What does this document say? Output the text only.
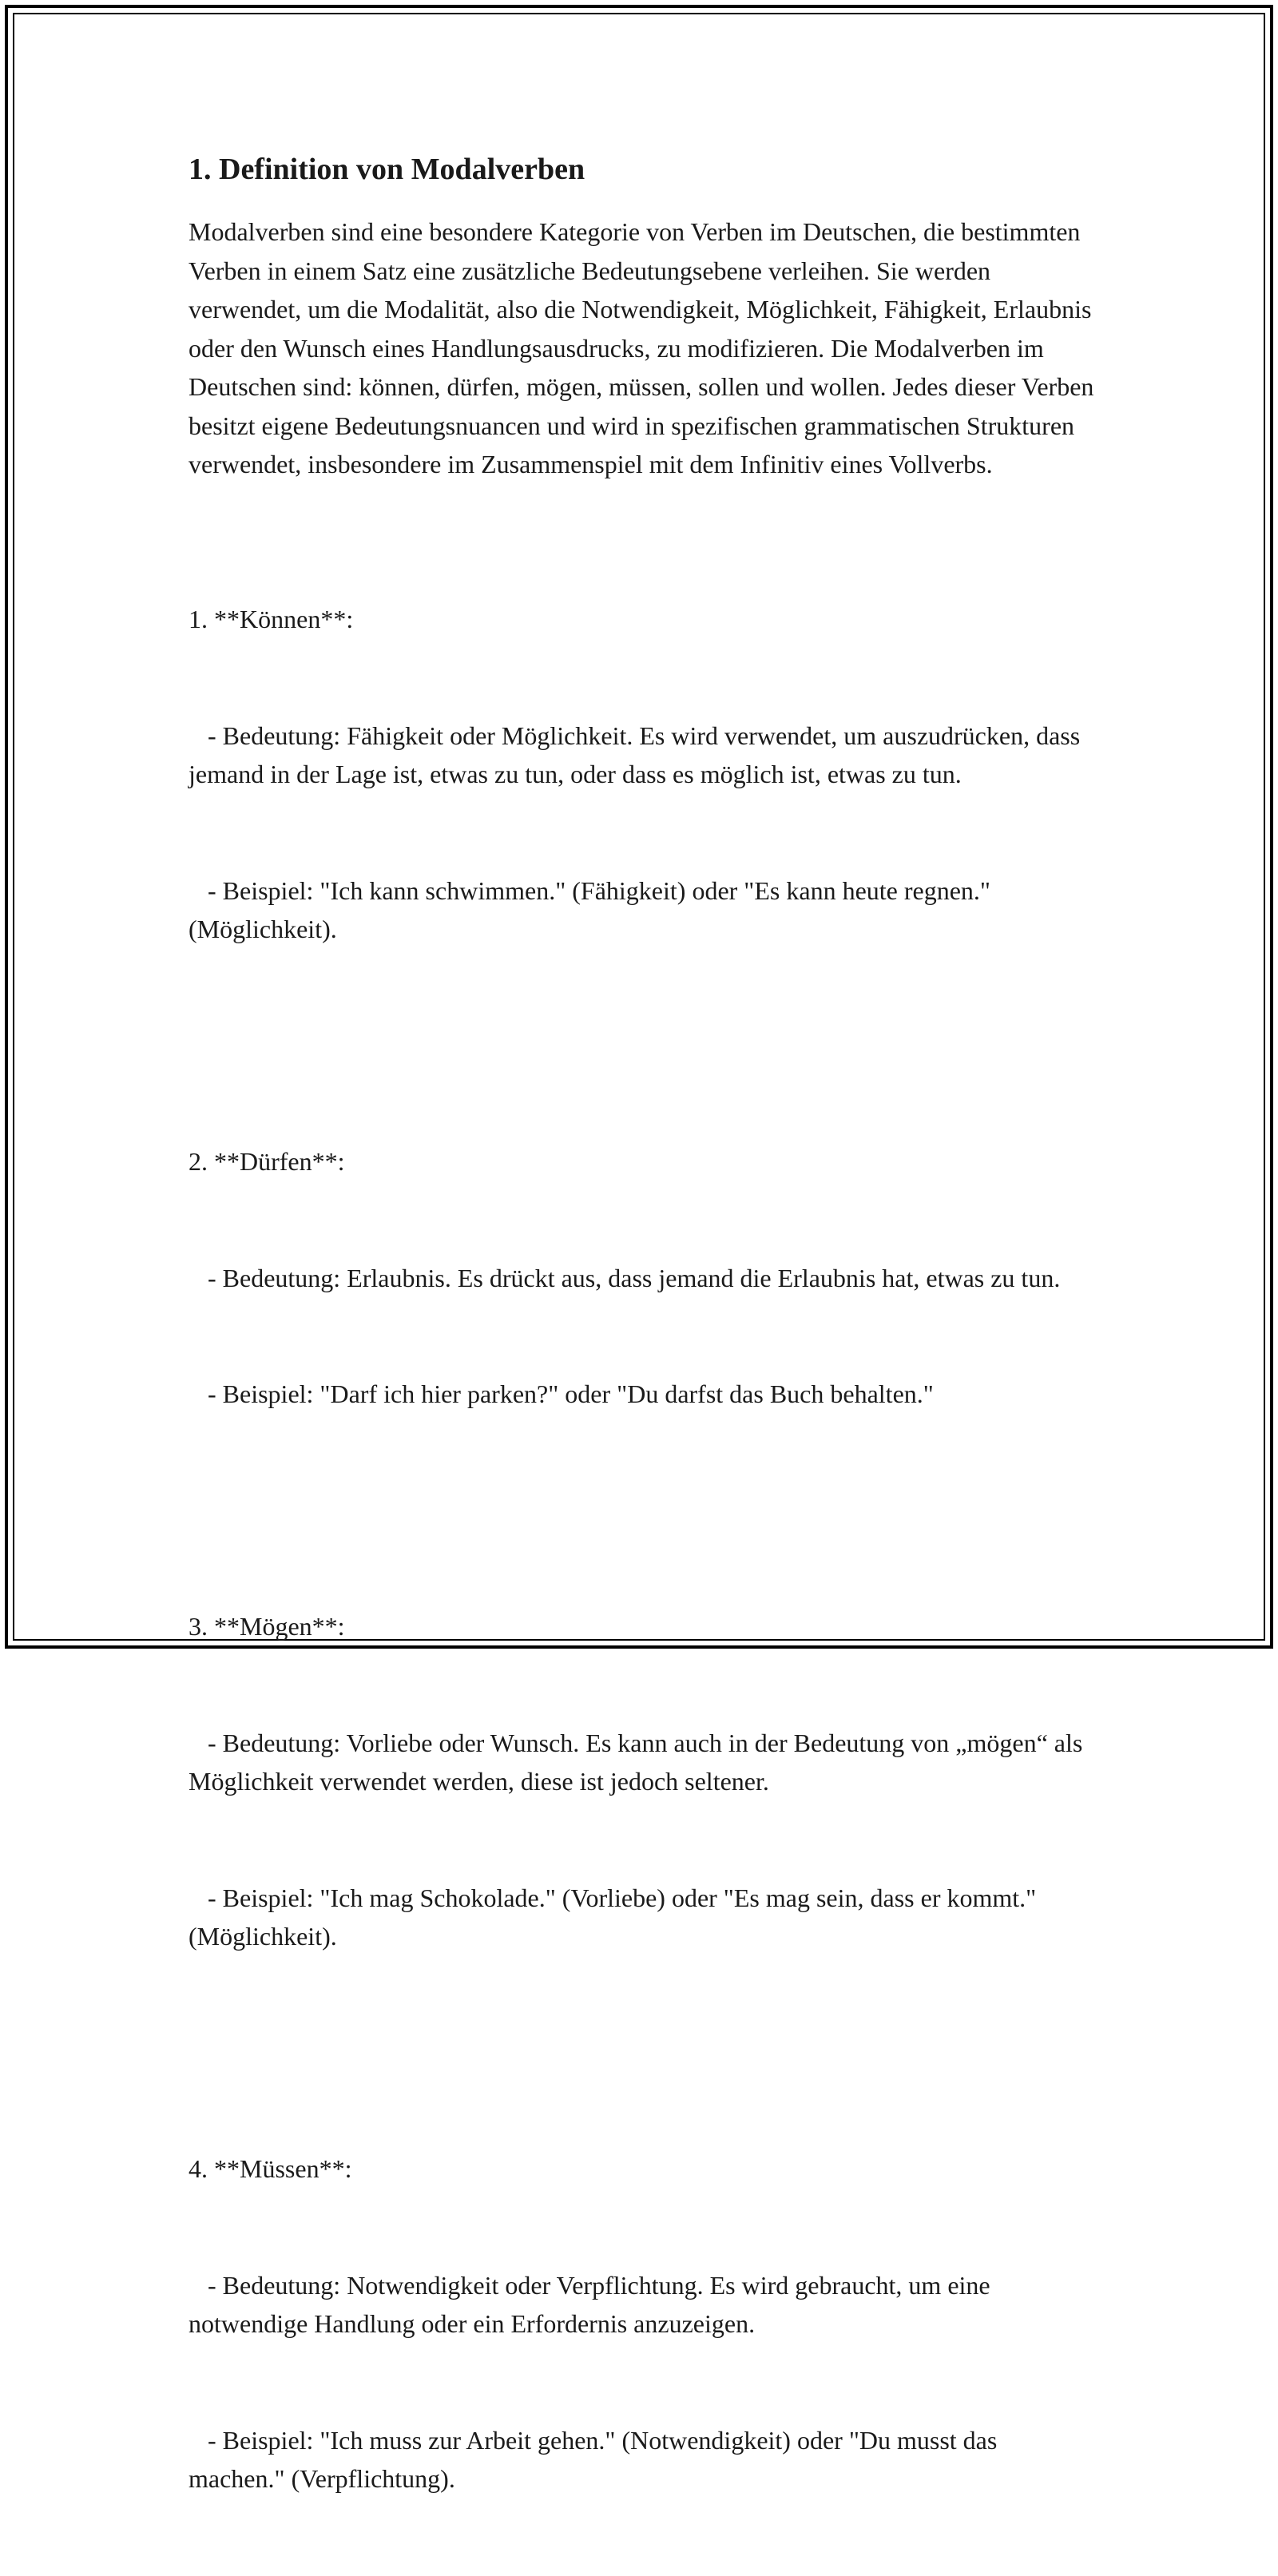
1. Definition von Modalverben

Modalverben sind eine besondere Kategorie von Verben im Deutschen, die bestimmten Verben in einem Satz eine zusätzliche Bedeutungsebene verleihen. Sie werden verwendet, um die Modalität, also die Notwendigkeit, Möglichkeit, Fähigkeit, Erlaubnis oder den Wunsch eines Handlungsausdrucks, zu modifizieren. Die Modalverben im Deutschen sind: können, dürfen, mögen, müssen, sollen und wollen. Jedes dieser Verben besitzt eigene Bedeutungsnuancen und wird in spezifischen grammatischen Strukturen verwendet, insbesondere im Zusammenspiel mit dem Infinitiv eines Vollverbs.

1. **Können**:

- Bedeutung: Fähigkeit oder Möglichkeit. Es wird verwendet, um auszudrücken, dass jemand in der Lage ist, etwas zu tun, oder dass es möglich ist, etwas zu tun.

- Beispiel: "Ich kann schwimmen." (Fähigkeit) oder "Es kann heute regnen." (Möglichkeit).

2. **Dürfen**:

- Bedeutung: Erlaubnis. Es drückt aus, dass jemand die Erlaubnis hat, etwas zu tun.

- Beispiel: "Darf ich hier parken?" oder "Du darfst das Buch behalten."

3. **Mögen**:

- Bedeutung: Vorliebe oder Wunsch. Es kann auch in der Bedeutung von „mögen“ als Möglichkeit verwendet werden, diese ist jedoch seltener.

- Beispiel: "Ich mag Schokolade." (Vorliebe) oder "Es mag sein, dass er kommt." (Möglichkeit).

4. **Müssen**:

- Bedeutung: Notwendigkeit oder Verpflichtung. Es wird gebraucht, um eine notwendige Handlung oder ein Erfordernis anzuzeigen.

- Beispiel: "Ich muss zur Arbeit gehen." (Notwendigkeit) oder "Du musst das machen." (Verpflichtung).
